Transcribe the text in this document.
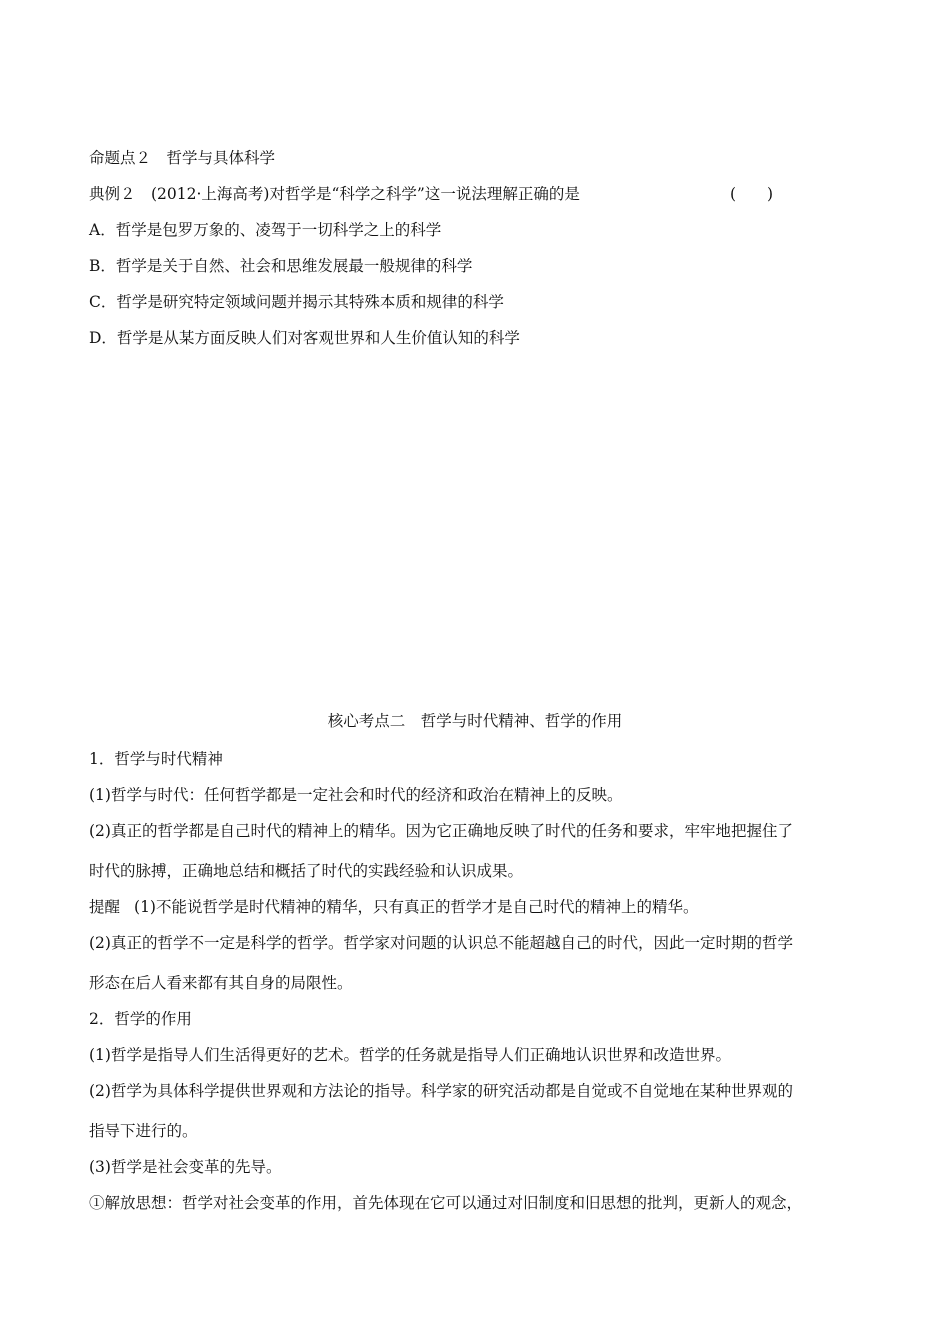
命题点２　哲学与具体科学
典例２　(2012·上海高考)对哲学是“科学之科学”这一说法理解正确的是	(　　)
A．哲学是包罗万象的、凌驾于一切科学之上的科学
B．哲学是关于自然、社会和思维发展最一般规律的科学
C．哲学是研究特定领域问题并揭示其特殊本质和规律的科学
D．哲学是从某方面反映人们对客观世界和人生价值认知的科学
核心考点二　哲学与时代精神、哲学的作用
1．哲学与时代精神
(1)哲学与时代：任何哲学都是一定社会和时代的经济和政治在精神上的反映。
(2)真正的哲学都是自己时代的精神上的精华。因为它正确地反映了时代的任务和要求，牢牢地把握住了
时代的脉搏，正确地总结和概括了时代的实践经验和认识成果。
提醒 (1)不能说哲学是时代精神的精华，只有真正的哲学才是自己时代的精神上的精华。
(2)真正的哲学不一定是科学的哲学。哲学家对问题的认识总不能超越自己的时代，因此一定时期的哲学
形态在后人看来都有其自身的局限性。
2．哲学的作用
(1)哲学是指导人们生活得更好的艺术。哲学的任务就是指导人们正确地认识世界和改造世界。
(2)哲学为具体科学提供世界观和方法论的指导。科学家的研究活动都是自觉或不自觉地在某种世界观的
指导下进行的。
(3)哲学是社会变革的先导。
①解放思想：哲学对社会变革的作用，首先体现在它可以通过对旧制度和旧思想的批判，更新人的观念，
